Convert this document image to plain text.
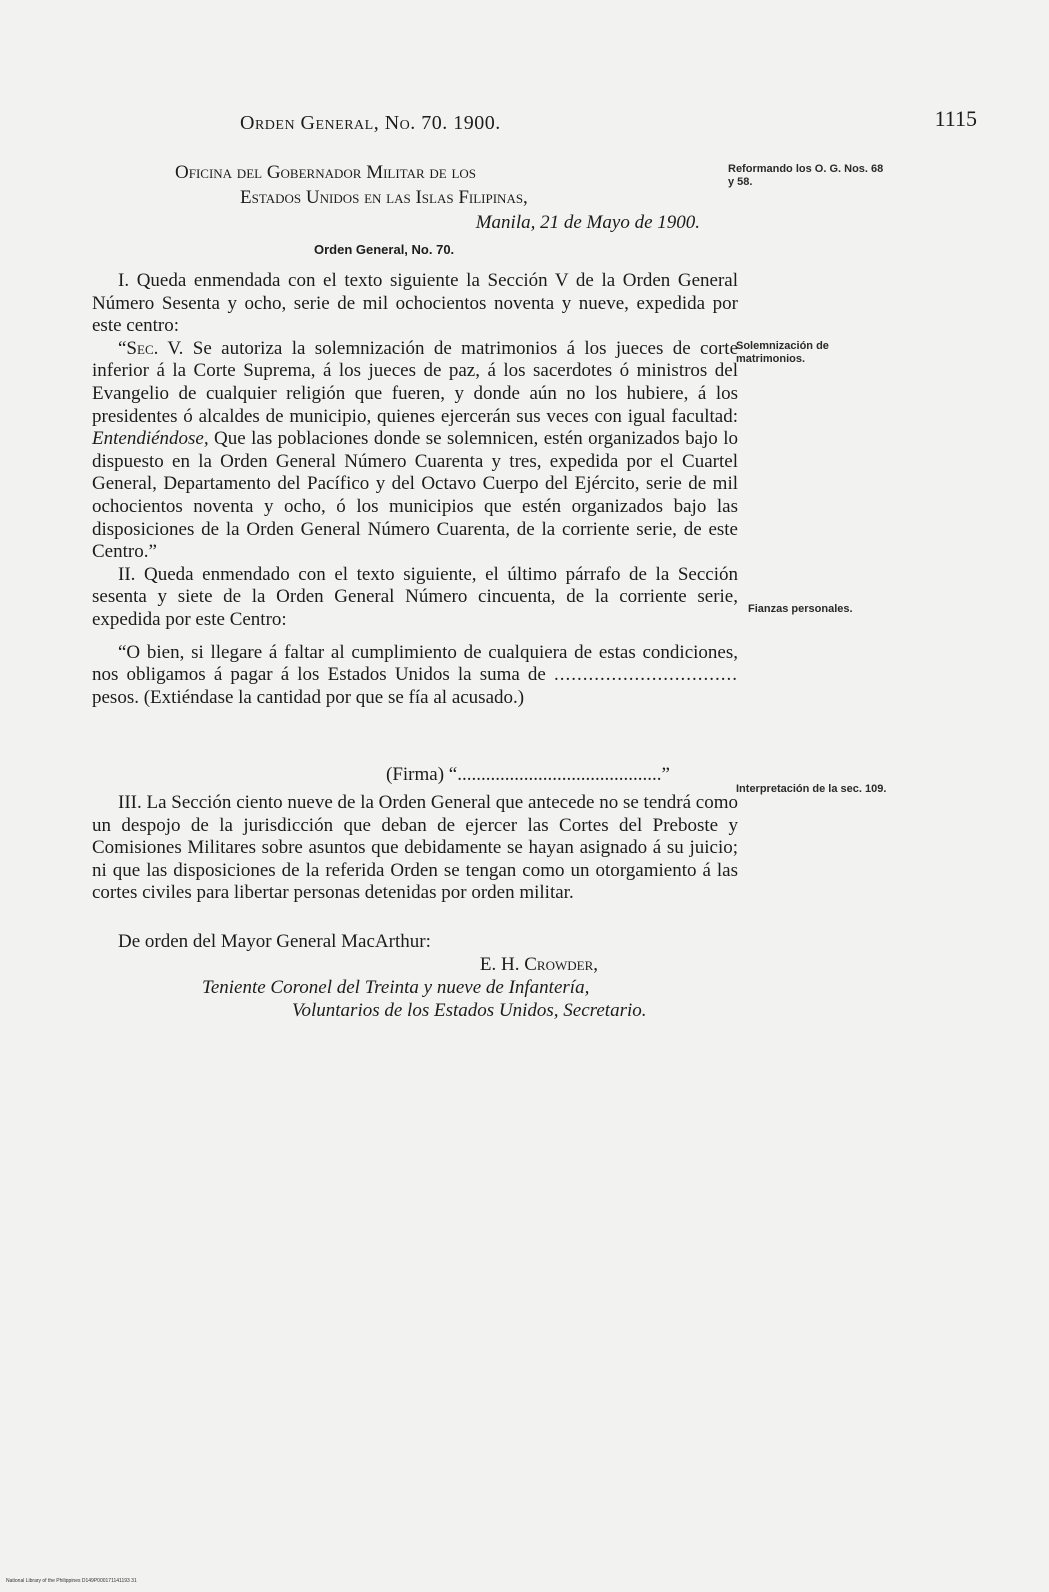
Orden General, No. 70. 1900.	1115
Oficina del Gobernador Militar de los
Estados Unidos en las Islas Filipinas,
Manila, 21 de Mayo de 1900.
Reformando los O. G. Nos. 68 y 58.
Orden General, No. 70.

I. Queda enmendada con el texto siguiente la Sección V de la Orden General Número Sesenta y ocho, serie de mil ochocientos noventa y nueve, expedida por este centro:

“Sec. V. Se autoriza la solemnización de matrimonios á los jueces de corte inferior á la Corte Suprema, á los jueces de paz, á los sacerdotes ó ministros del Evangelio de cualquier religión que fueren, y donde aún no los hubiere, á los presidentes ó alcaldes de municipio, quienes ejercerán sus veces con igual facultad: Entendiéndose, Que las poblaciones donde se solemnicen, estén organizados bajo lo dispuesto en la Orden General Número Cuarenta y tres, expedida por el Cuartel General, Departamento del Pacífico y del Octavo Cuerpo del Ejército, serie de mil ochocientos noventa y ocho, ó los municipios que estén organizados bajo las disposiciones de la Orden General Número Cuarenta, de la corriente serie, de este Centro.”

II. Queda enmendado con el texto siguiente, el último párrafo de la Sección sesenta y siete de la Orden General Número cincuenta, de la corriente serie, expedida por este Centro:

“O bien, si llegare á faltar al cumplimiento de cualquiera de estas condiciones, nos obligamos á pagar á los Estados Unidos la suma de ................................ pesos. (Extiéndase la cantidad por que se fía al acusado.)

(Firma) “...........................................”

III. La Sección ciento nueve de la Orden General que antecede no se tendrá como un despojo de la jurisdicción que deban de ejercer las Cortes del Preboste y Comisiones Militares sobre asuntos que debidamente se hayan asignado á su juicio; ni que las disposiciones de la referida Orden se tengan como un otorgamiento á las cortes civiles para libertar personas detenidas por orden militar.

Solemnización de matrimonios.
Fianzas personales.
Interpretación de la sec. 109.
De orden del Mayor General MacArthur:
E. H. Crowder,
Teniente Coronel del Treinta y nueve de Infantería,
Voluntarios de los Estados Unidos, Secretario.
National Library of the Philippines D149P000171141193 31
